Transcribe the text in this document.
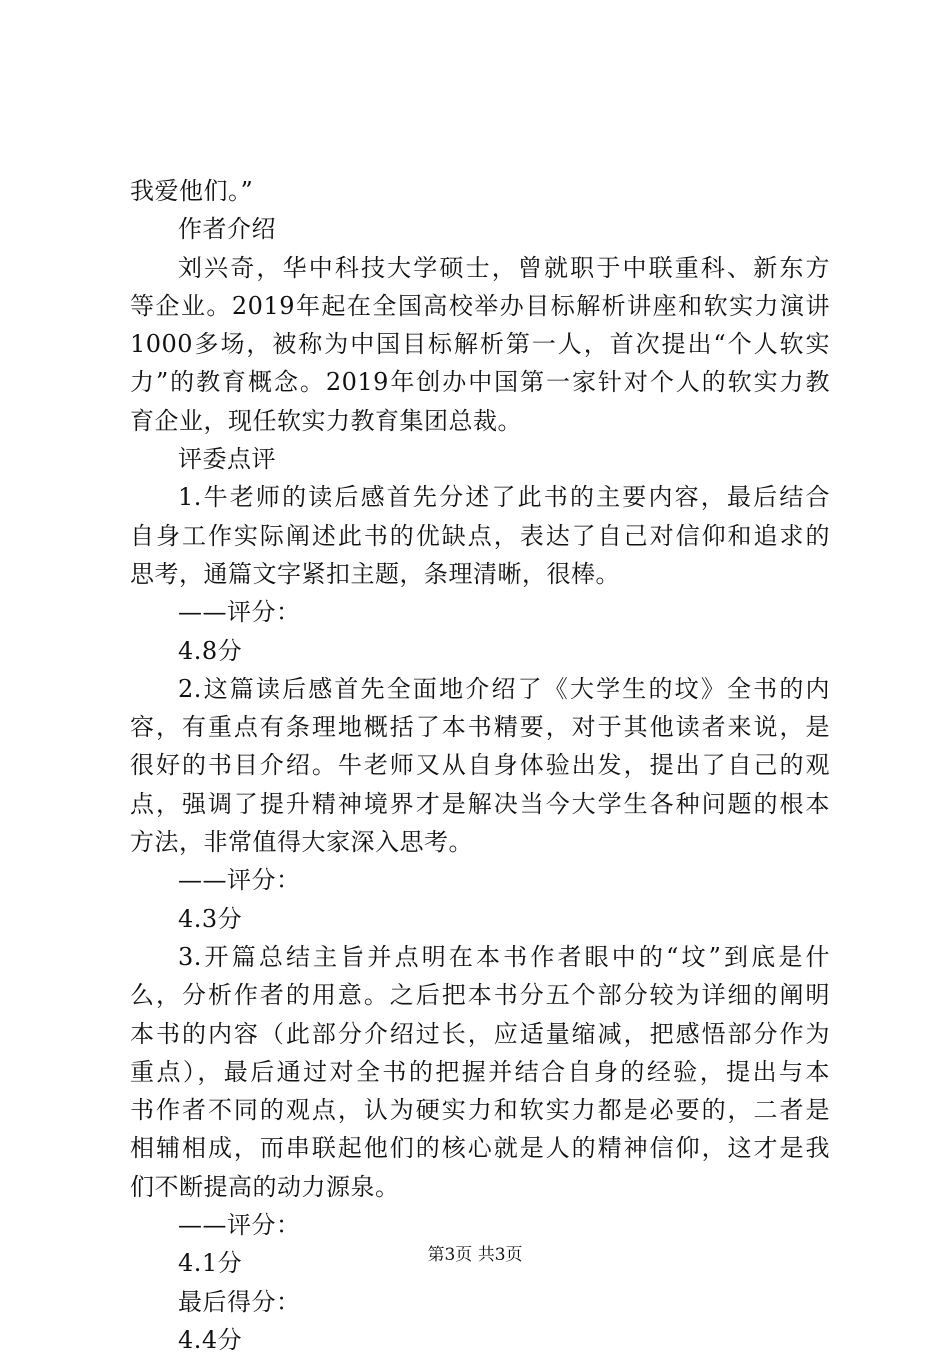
我爱他们。”
作者介绍
刘兴奇，华中科技大学硕士，曾就职于中联重科、新东方
等企业。2019年起在全国高校举办目标解析讲座和软实力演讲
1000多场，被称为中国目标解析第一人，首次提出“个人软实
力”的教育概念。2019年创办中国第一家针对个人的软实力教
育企业，现任软实力教育集团总裁。
评委点评
1.牛老师的读后感首先分述了此书的主要内容，最后结合
自身工作实际阐述此书的优缺点，表达了自己对信仰和追求的
思考，通篇文字紧扣主题，条理清晰，很棒。
——评分：
4.8分
2.这篇读后感首先全面地介绍了《大学生的坟》全书的内
容，有重点有条理地概括了本书精要，对于其他读者来说，是
很好的书目介绍。牛老师又从自身体验出发，提出了自己的观
点，强调了提升精神境界才是解决当今大学生各种问题的根本
方法，非常值得大家深入思考。
——评分：
4.3分
3.开篇总结主旨并点明在本书作者眼中的“坟”到底是什
么，分析作者的用意。之后把本书分五个部分较为详细的阐明
本书的内容（此部分介绍过长，应适量缩减，把感悟部分作为
重点），最后通过对全书的把握并结合自身的经验，提出与本
书作者不同的观点，认为硬实力和软实力都是必要的，二者是
相辅相成，而串联起他们的核心就是人的精神信仰，这才是我
们不断提高的动力源泉。
——评分：
4.1分
最后得分：
4.4分
第3页 共3页
